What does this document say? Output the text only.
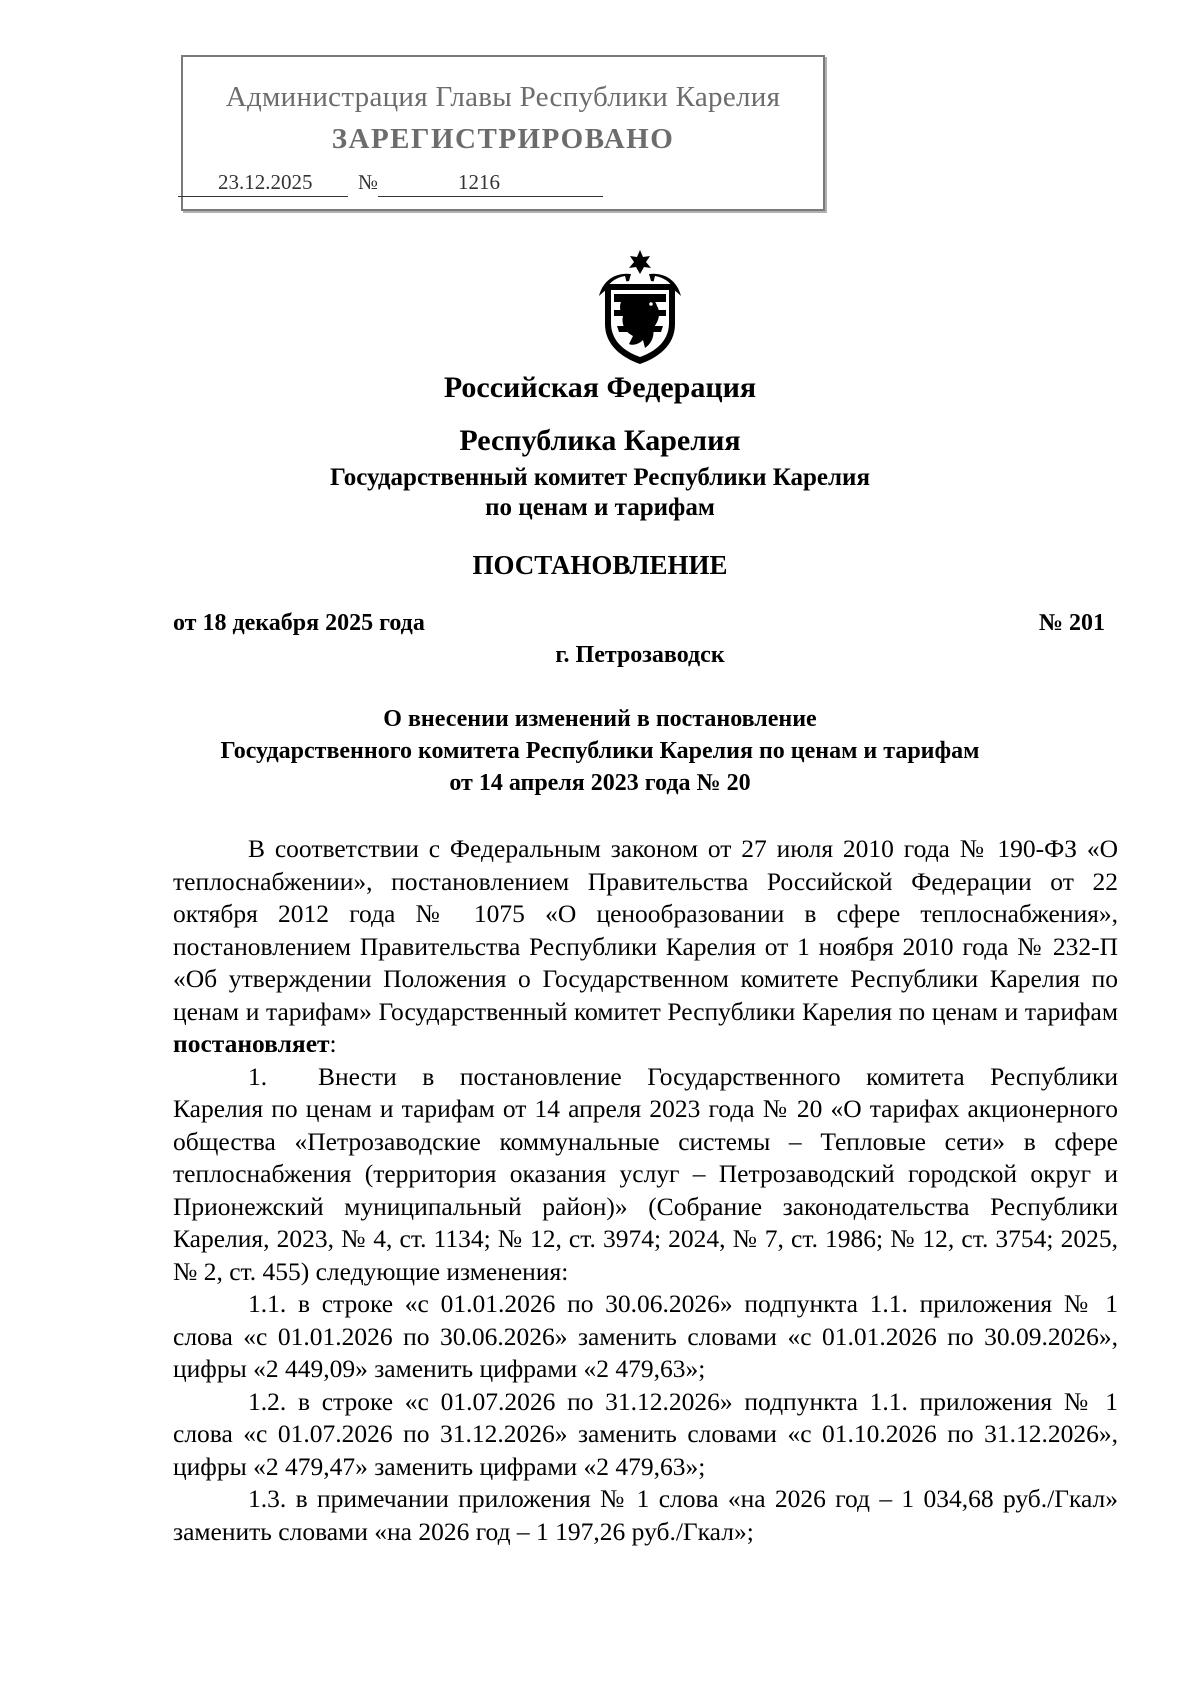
Администрация Главы Республики Карелия
ЗАРЕГИСТРИРОВАНО
23.12.2025	№	1216
Российская Федерация
Республика Карелия
Государственный комитет Республики Карелия
по ценам и тарифам
ПОСТАНОВЛЕНИЕ
от 18 декабря 2025 года	№ 201
г. Петрозаводск
О внесении изменений в постановление
Государственного комитета Республики Карелия по ценам и тарифам
от 14 апреля 2023 года № 20

В соответствии с Федеральным законом от 27 июля 2010 года № 190-ФЗ «О теплоснабжении», постановлением Правительства Российской Федерации от 22 октября 2012 года № 1075 «О ценообразовании в сфере теплоснабжения», постановлением Правительства Республики Карелия от 1 ноября 2010 года № 232-П «Об утверждении Положения о Государственном комитете Республики Карелия по ценам и тарифам» Государственный комитет Республики Карелия по ценам и тарифам постановляет:

1. Внести в постановление Государственного комитета Республики Карелия по ценам и тарифам от 14 апреля 2023 года № 20 «О тарифах акционерного общества «Петрозаводские коммунальные системы – Тепловые сети» в сфере теплоснабжения (территория оказания услуг – Петрозаводский городской округ и Прионежский муниципальный район)» (Собрание законодательства Республики Карелия, 2023, № 4, ст. 1134; № 12, ст. 3974; 2024, № 7, ст. 1986; № 12, ст. 3754; 2025, № 2, ст. 455) следующие изменения:

1.1. в строке «с 01.01.2026 по 30.06.2026» подпункта 1.1. приложения № 1 слова «с 01.01.2026 по 30.06.2026» заменить словами «с 01.01.2026 по 30.09.2026», цифры «2 449,09» заменить цифрами «2 479,63»;

1.2. в строке «с 01.07.2026 по 31.12.2026» подпункта 1.1. приложения № 1 слова «с 01.07.2026 по 31.12.2026» заменить словами «с 01.10.2026 по 31.12.2026», цифры «2 479,47» заменить цифрами «2 479,63»;

1.3. в примечании приложения № 1 слова «на 2026 год – 1 034,68 руб./Гкал» заменить словами «на 2026 год – 1 197,26 руб./Гкал»;
